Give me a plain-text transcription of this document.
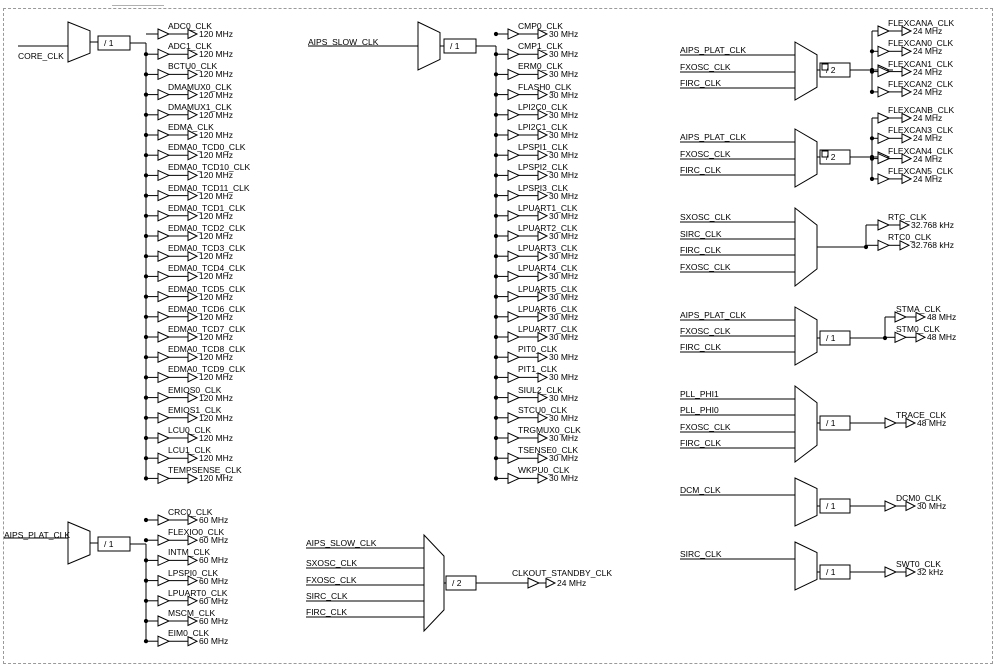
CORE_CLK
/ 1
ADC0_CLK
120 MHz
ADC1_CLK
120 MHz
BCTU0_CLK
120 MHz
DMAMUX0_CLK
120 MHz
DMAMUX1_CLK
120 MHz
EDMA_CLK
120 MHz
EDMA0_TCD0_CLK
120 MHz
EDMA0_TCD10_CLK
120 MHz
EDMA0_TCD11_CLK
120 MHz
EDMA0_TCD1_CLK
120 MHz
EDMA0_TCD2_CLK
120 MHz
EDMA0_TCD3_CLK
120 MHz
EDMA0_TCD4_CLK
120 MHz
EDMA0_TCD5_CLK
120 MHz
EDMA0_TCD6_CLK
120 MHz
EDMA0_TCD7_CLK
120 MHz
EDMA0_TCD8_CLK
120 MHz
EDMA0_TCD9_CLK
120 MHz
EMIOS0_CLK
120 MHz
EMIOS1_CLK
120 MHz
LCU0_CLK
120 MHz
LCU1_CLK
120 MHz
TEMPSENSE_CLK
120 MHz
AIPS_SLOW_CLK	/ 1
CMP0_CLK
30 MHz
CMP1_CLK
30 MHz
ERM0_CLK
30 MHz
FLASH0_CLK
30 MHz
LPI2C0_CLK
30 MHz
LPI2C1_CLK
30 MHz
LPSPI1_CLK
30 MHz
LPSPI2_CLK
30 MHz
LPSPI3_CLK
30 MHz
LPUART1_CLK
30 MHz
LPUART2_CLK
30 MHz
LPUART3_CLK
30 MHz
LPUART4_CLK
30 MHz
LPUART5_CLK
30 MHz
LPUART6_CLK
30 MHz
LPUART7_CLK
30 MHz
PIT0_CLK
30 MHz
PIT1_CLK
30 MHz
SIUL2_CLK
30 MHz
STCU0_CLK
30 MHz
TRGMUX0_CLK
30 MHz
TSENSE0_CLK
30 MHz
WKPU0_CLK
30 MHz
AIPS_PLAT_CLK
/ 1
CRC0_CLK
60 MHz
FLEXIO0_CLK
60 MHz
INTM_CLK
60 MHz
LPSPI0_CLK
60 MHz
LPUART0_CLK
60 MHz
MSCM_CLK
60 MHz
EIM0_CLK
60 MHz
AIPS_SLOW_CLK
SXOSC_CLK
FXOSC_CLK
SIRC_CLK
FIRC_CLK
/ 2
CLKOUT_STANDBY_CLK
24 MHz
AIPS_PLAT_CLK
FXOSC_CLK
FIRC_CLK
/ 2
FLEXCANA_CLK
24 MHz
FLEXCAN0_CLK
24 MHz
FLEXCAN1_CLK
24 MHz
FLEXCAN2_CLK
24 MHz
AIPS_PLAT_CLK
FXOSC_CLK
FIRC_CLK
/ 2
FLEXCANB_CLK
24 MHz
FLEXCAN3_CLK
24 MHz
FLEXCAN4_CLK
24 MHz
FLEXCAN5_CLK
24 MHz
SXOSC_CLK
SIRC_CLK
FIRC_CLK
FXOSC_CLK
RTC_CLK
32.768 kHz
RTC0_CLK
32.768 kHz
AIPS_PLAT_CLK
FXOSC_CLK
FIRC_CLK
/ 1
STMA_CLK
48 MHz
STM0_CLK
48 MHz
PLL_PHI1
PLL_PHI0
FXOSC_CLK
FIRC_CLK
/ 1
TRACE_CLK
48 MHz
DCM_CLK
/ 1
DCM0_CLK
30 MHz
SIRC_CLK
/ 1
SWT0_CLK
32 kHz
